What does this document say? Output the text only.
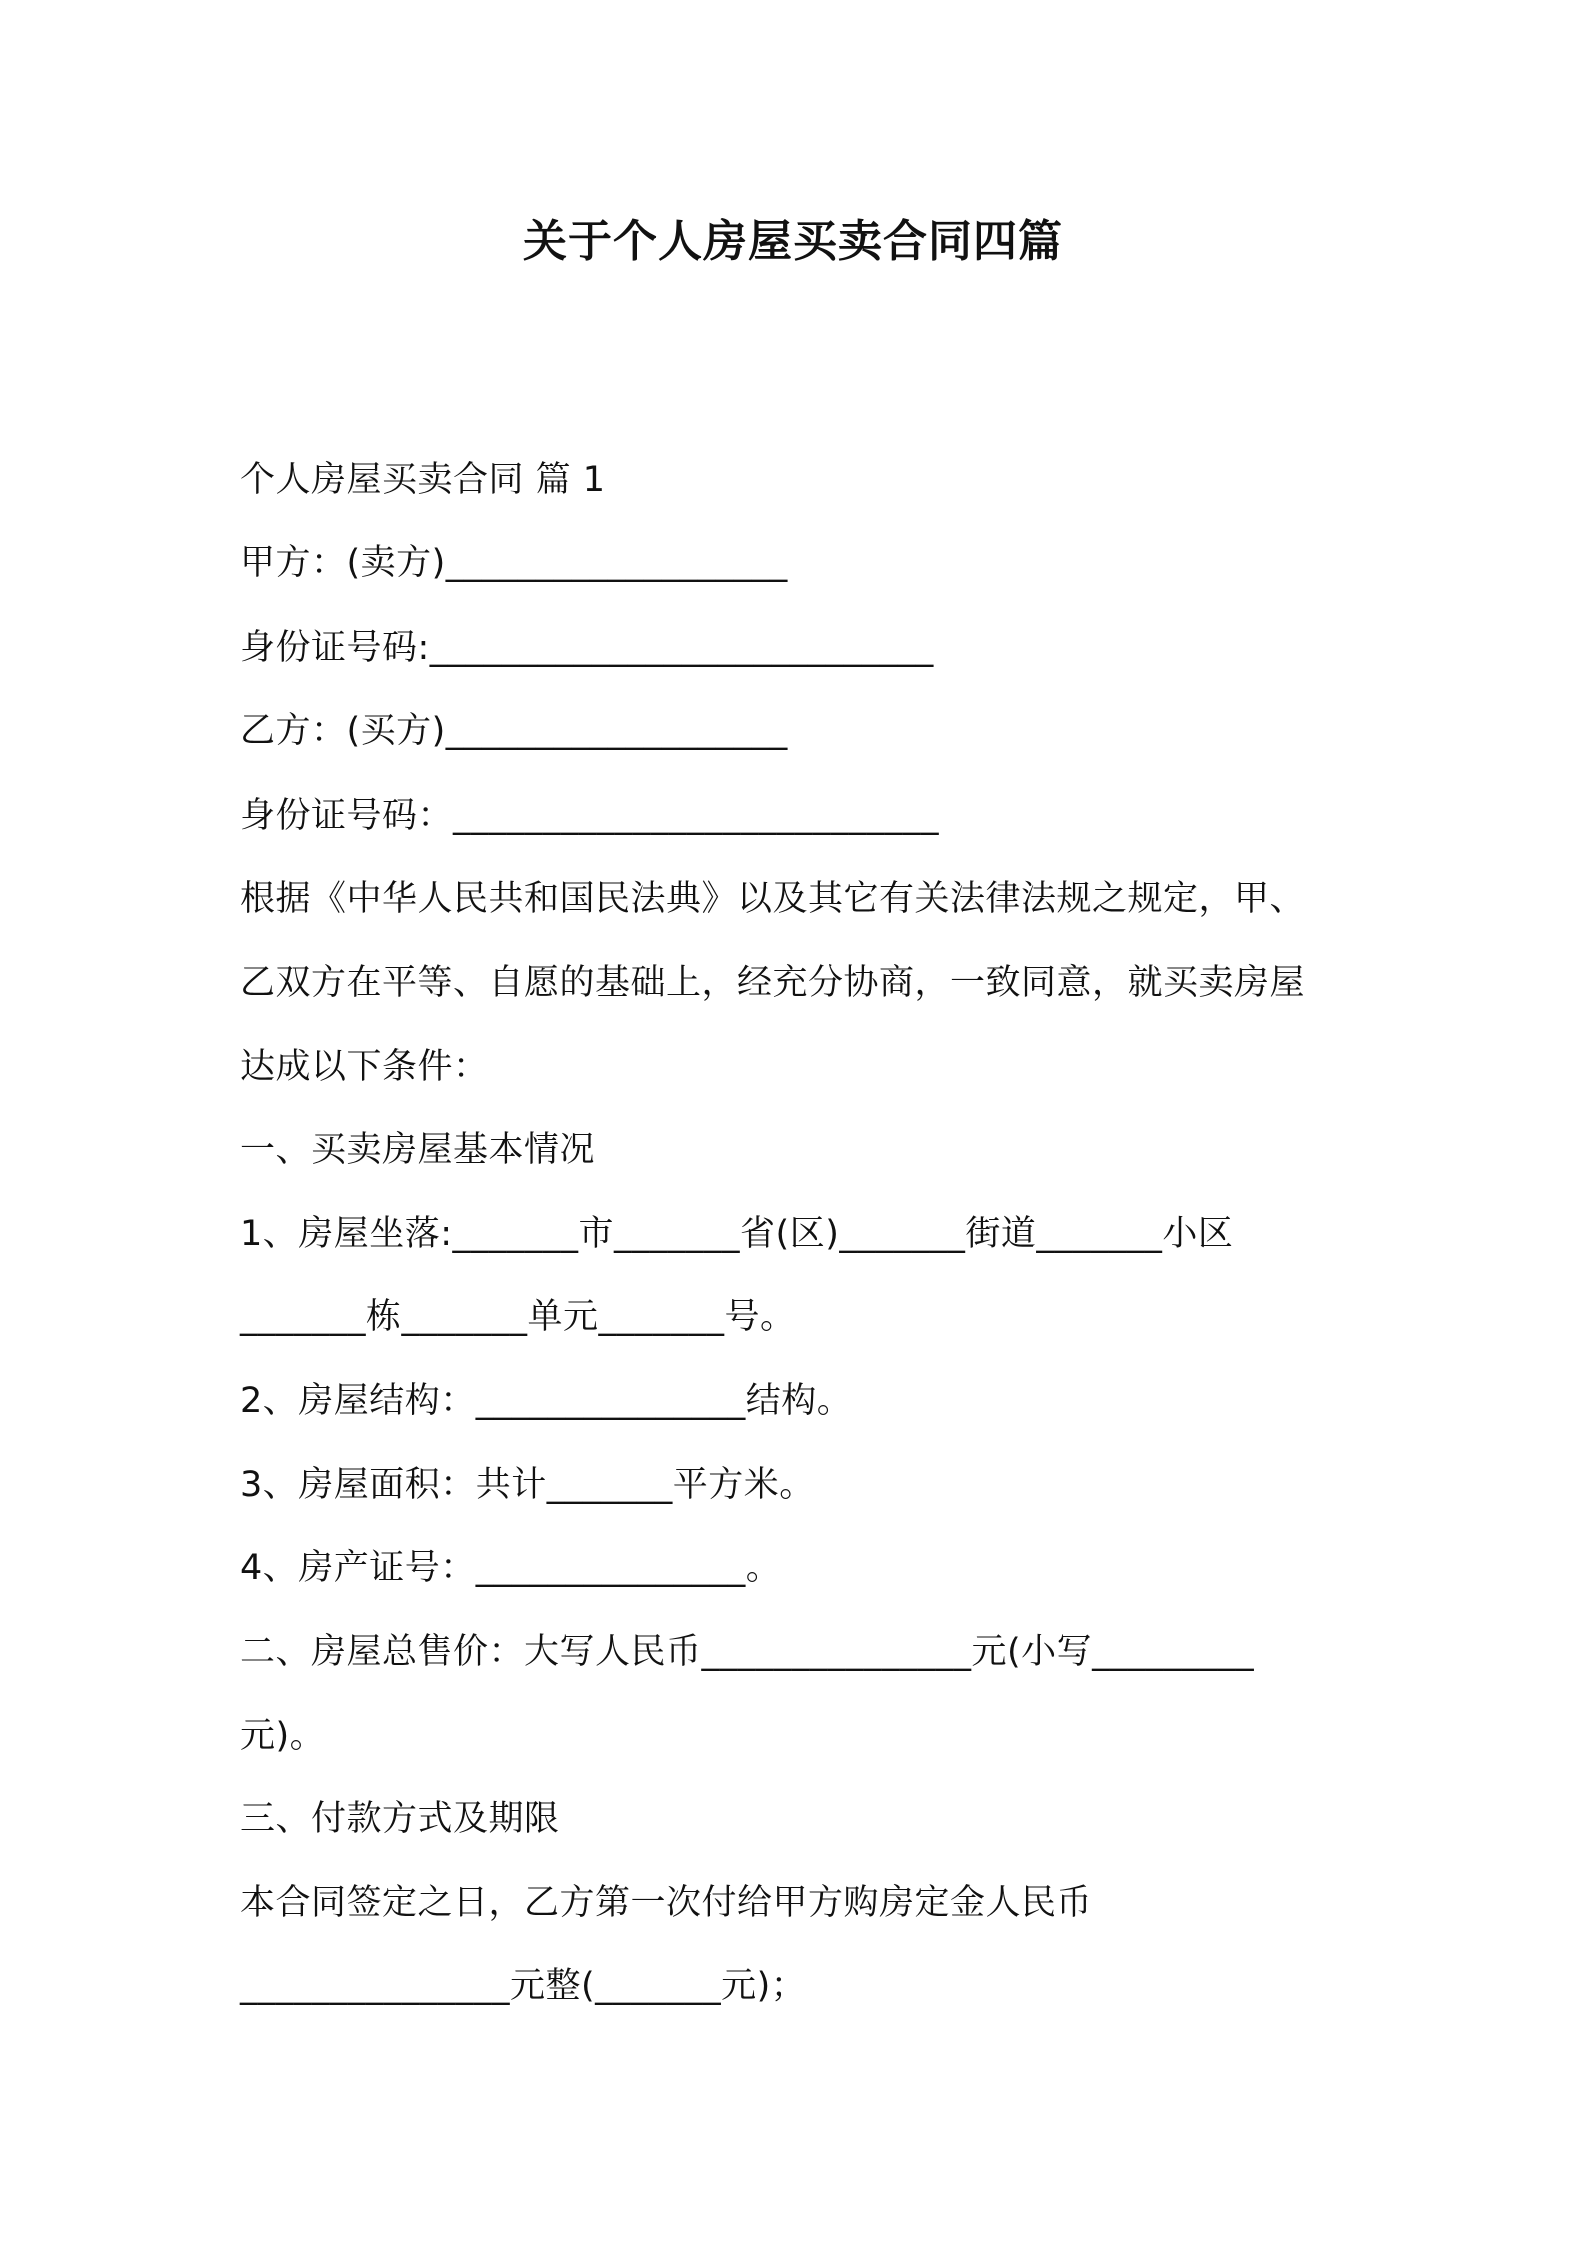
关于个人房屋买卖合同四篇
个人房屋买卖合同 篇 1
甲方：(卖方)___________________
身份证号码:____________________________
乙方：(买方)___________________
身份证号码：___________________________
根据《中华人民共和国民法典》以及其它有关法律法规之规定，甲、
乙双方在平等、自愿的基础上，经充分协商，一致同意，就买卖房屋
达成以下条件：
一、买卖房屋基本情况
1、房屋坐落:_______市_______省(区)_______街道_______小区
_______栋_______单元_______号。
2、房屋结构：_______________结构。
3、房屋面积：共计_______平方米。
4、房产证号：_______________。
二、房屋总售价：大写人民币_______________元(小写_________
元)。
三、付款方式及期限
本合同签定之日，乙方第一次付给甲方购房定金人民币
_______________元整(_______元)；
